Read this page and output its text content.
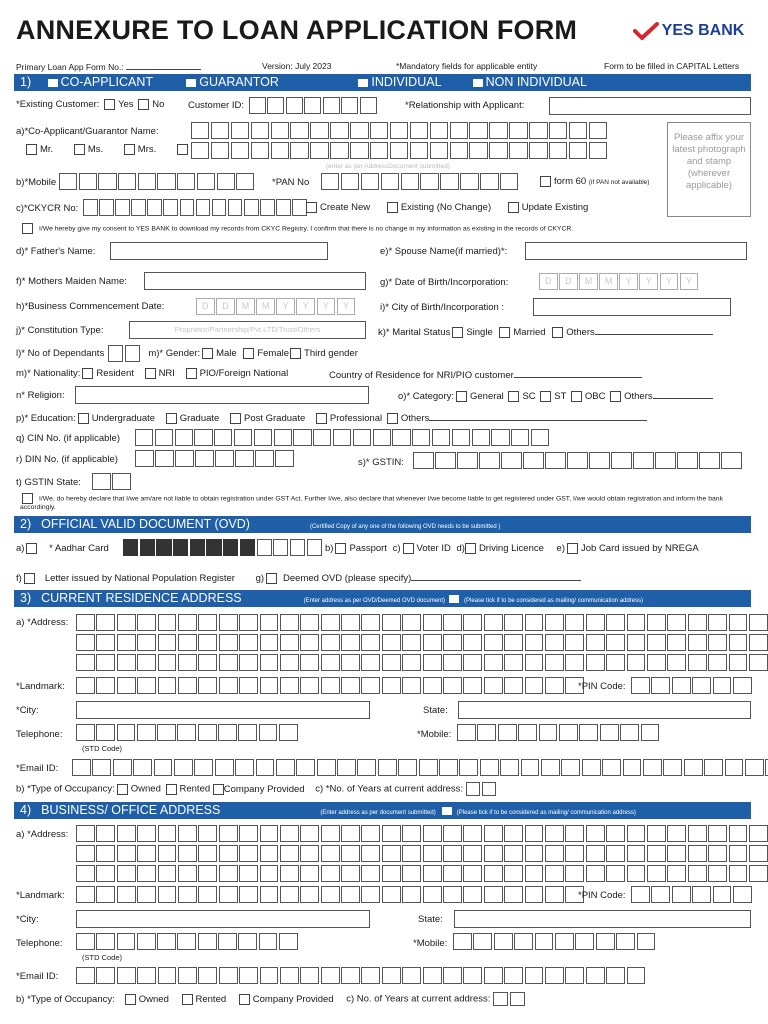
ANNEXURE TO LOAN APPLICATION FORM	YES BANK
Primary Loan App Form No.:	Version: July 2023	*Mandatory fields for applicable entity	Form to be filled in CAPITAL Letters
1) CO-APPLICANT	GUARANTOR	INDIVIDUAL	NON INDIVIDUAL
*Existing Customer: Yes No Customer ID:	*Relationship with Applicant:
a)*Co-Applicant/Guarantor Name:
Mr.	Ms.	Mrs.
(enter as per AddressDocument submitted)
Please affix your latest photograph and stamp (wherever applicable)
b)*Mobile	*PAN No	form 60 (if PAN not available)
c)*CKYCR No:	Create New	Existing (No Change)	Update Existing
I/We hereby give my consent to YES BANK to download my records from CKYC Registry. I confirm that there is no change in my information as existing in the records of CKYCR.
d)* Father's Name:	e)* Spouse Name(if married)*:
f)* Mothers Maiden Name:	g)* Date of Birth/Incorporation:	D D M M Y Y Y Y
h)*Business Commencement Date:	D D M M Y Y Y Y	i)* City of Birth/Incorporation :
j)* Constitution Type:	Proprietor/Partnership/Pvt LTD/Trust/Others	k)* Marital Status Single Married Others
l)* No of Dependants	m)* Gender: Male Female Third gender
m)* Nationality: Resident	NRI	PIO/Foreign National	Country of Residence for NRI/PIO customer
n* Religion:	o)* Category: General SC ST OBC Others
p)* Education: Undergraduate	Graduate	Post Graduate	Professional Others
q) CIN No. (if applicable)
r) DIN No. (if applicable)	s)* GSTIN:
t) GSTIN State:
I/We, do hereby declare that I/we am/are not liable to obtain registration under GST Act. Further I/we, also declare that whenever I/we become liable to get registered under GST, I/we would obtain registration and inform the bank accordingly.
2) OFFICIAL VALID DOCUMENT (OVD)	(Certified Copy of any one of the following OVD needs to be submitted )
a)	* Aadhar Card	b) Passport c) Voter ID d) Driving Licence e) Job Card issued by NREGA
f) Letter issued by National Population Register g) Deemed OVD (please specify)
3) CURRENT RESIDENCE ADDRESS	(Enter address as per OVD/Deemed OVD document)	(Please tick if to be considered as mailing/ communication address)
a) *Address:
*Landmark:	*PIN Code:
*City:	State:
Telephone:
(STD Code)
*Mobile:
*Email ID:
b) *Type of Occupancy: Owned Rented Company Provided c) *No. of Years at current address:
4) BUSINESS/ OFFICE ADDRESS	(Enter address as per document submitted)	(Please tick if to be considered as mailing/ communication address)
a) *Address:
*Landmark:	*PIN Code:
*City:	State:
Telephone:
(STD Code)
*Mobile:
*Email ID:
b) *Type of Occupancy:	Owned	Rented	Company Provided c) No. of Years at current address:
